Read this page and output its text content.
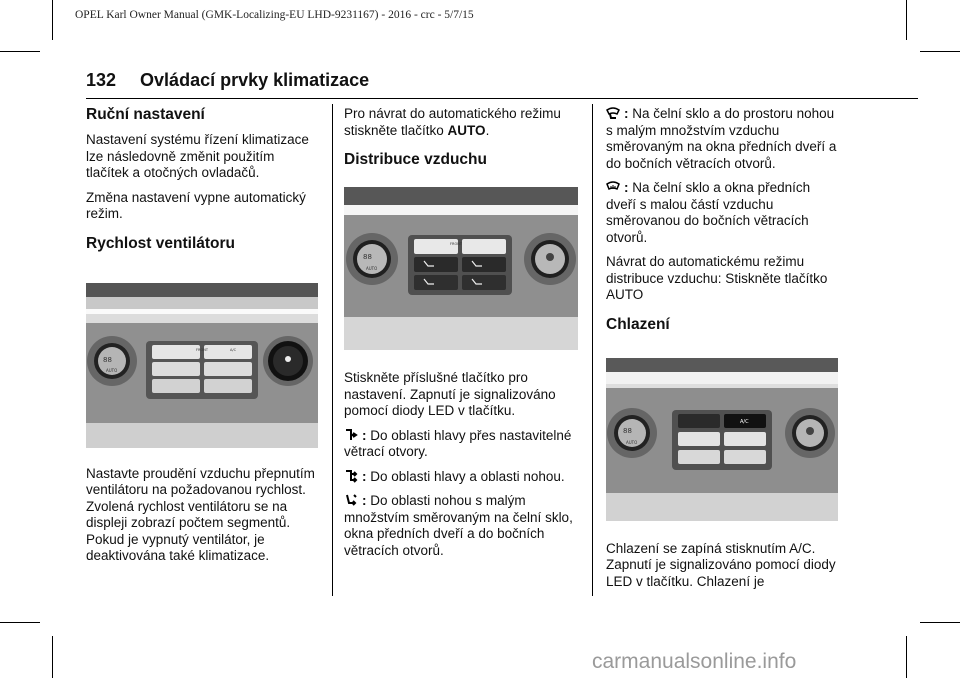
OPEL Karl Owner Manual (GMK-Localizing-EU LHD-9231167) - 2016 - crc - 5/7/15
132 Ovládací prvky klimatizace
Ruční nastavení

Nastavení systému řízení klimatizace lze následovně změnit použitím tlačítek a otočných ovladačů.

Změna nastavení vypne automatický režim.

Rychlost ventilátoru
88
AUTO
FRONT	A/C

Nastavte proudění vzduchu přepnutím ventilátoru na požadovanou rychlost. Zvolená rychlost ventilátoru se na displeji zobrazí počtem segmentů. Pokud je vypnutý ventilátor, je deaktivována také klimatizace.

Pro návrat do automatického režimu stiskněte tlačítko AUTO.

Distribuce vzduchu
88
AUTO
FRONT

Stiskněte příslušné tlačítko pro nastavení. Zapnutí je signalizováno pomocí diody LED v tlačítku.

: Do oblasti hlavy přes nastavitelné větrací otvory.

: Do oblasti hlavy a oblasti nohou.

: Do oblasti nohou s malým množstvím směrovaným na čelní sklo, okna předních dveří a do bočních větracích otvorů.

: Na čelní sklo a do prostoru nohou s malým množstvím vzduchu směrovaným na okna předních dveří a do bočních větracích otvorů.

: Na čelní sklo a okna předních dveří s malou částí vzduchu směrovanou do bočních větracích otvorů.

Návrat do automatickému režimu distribuce vzduchu: Stiskněte tlačítko AUTO

Chlazení
88
AUTO
A/C

Chlazení se zapíná stisknutím A/C. Zapnutí je signalizováno pomocí diody LED v tlačítku. Chlazení je

carmanualsonline.info
